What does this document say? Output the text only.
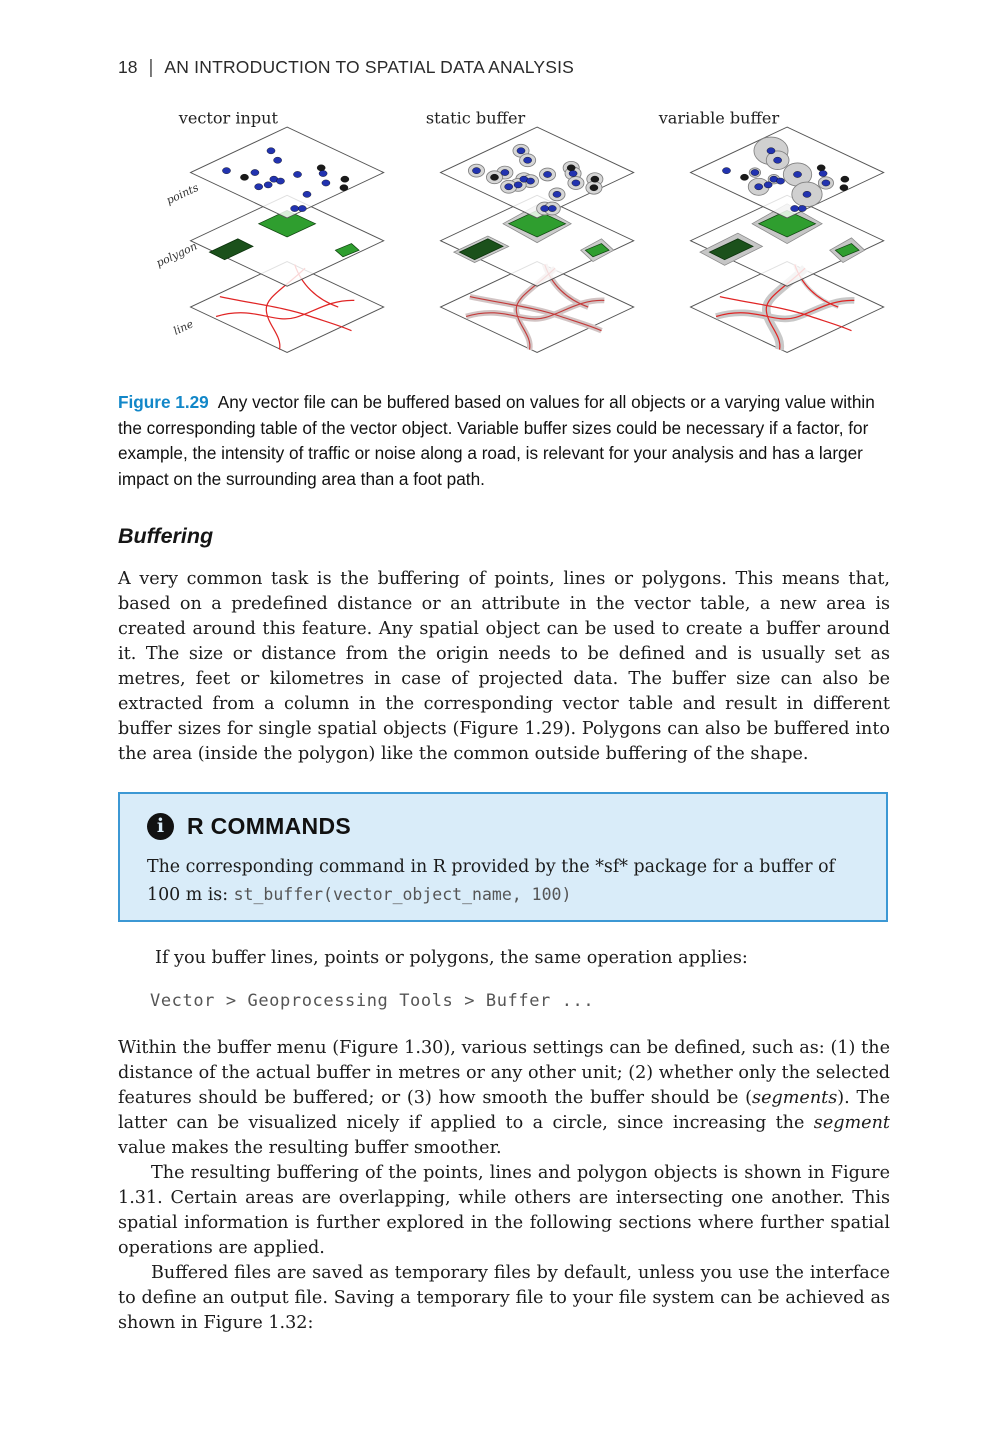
18 | AN INTRODUCTION TO SPATIAL DATA ANALYSIS
vector input
line
polygon
points
static buffer	variable buffer
Figure 1.29 Any vector file can be buffered based on values for all objects or a varying value within the corresponding table of the vector object. Variable buffer sizes could be necessary if a factor, for example, the intensity of traffic or noise along a road, is relevant for your analysis and has a larger impact on the surrounding area than a foot path.
Buffering

A very common task is the buffering of points, lines or polygons. This means that, based on a predefined distance or an attribute in the vector table, a new area is created around this feature. Any spatial object can be used to create a buffer around it. The size or distance from the origin needs to be defined and is usually set as metres, feet or kilometres in case of projected data. The buffer size can also be extracted from a column in the corresponding vector table and result in different buffer sizes for single spatial objects (Figure 1.29). Polygons can also be buffered into the area (inside the polygon) like the common outside buffering of the shape.

i R COMMANDS
The corresponding command in R provided by the *sf* package for a buffer of 100 m is: st_buffer(vector_object_name, 100)

If you buffer lines, points or polygons, the same operation applies:

Vector > Geoprocessing Tools > Buffer ...

Within the buffer menu (Figure 1.30), various settings can be defined, such as: (1) the distance of the actual buffer in metres or any other unit; (2) whether only the selected features should be buffered; or (3) how smooth the buffer should be (segments). The latter can be visualized nicely if applied to a circle, since increasing the segment value makes the resulting buffer smoother.

The resulting buffering of the points, lines and polygon objects is shown in Figure 1.31. Certain areas are overlapping, while others are intersecting one another. This spatial information is further explored in the following sections where further spatial operations are applied.

Buffered files are saved as temporary files by default, unless you use the interface to define an output file. Saving a temporary file to your file system can be achieved as shown in Figure 1.32:
